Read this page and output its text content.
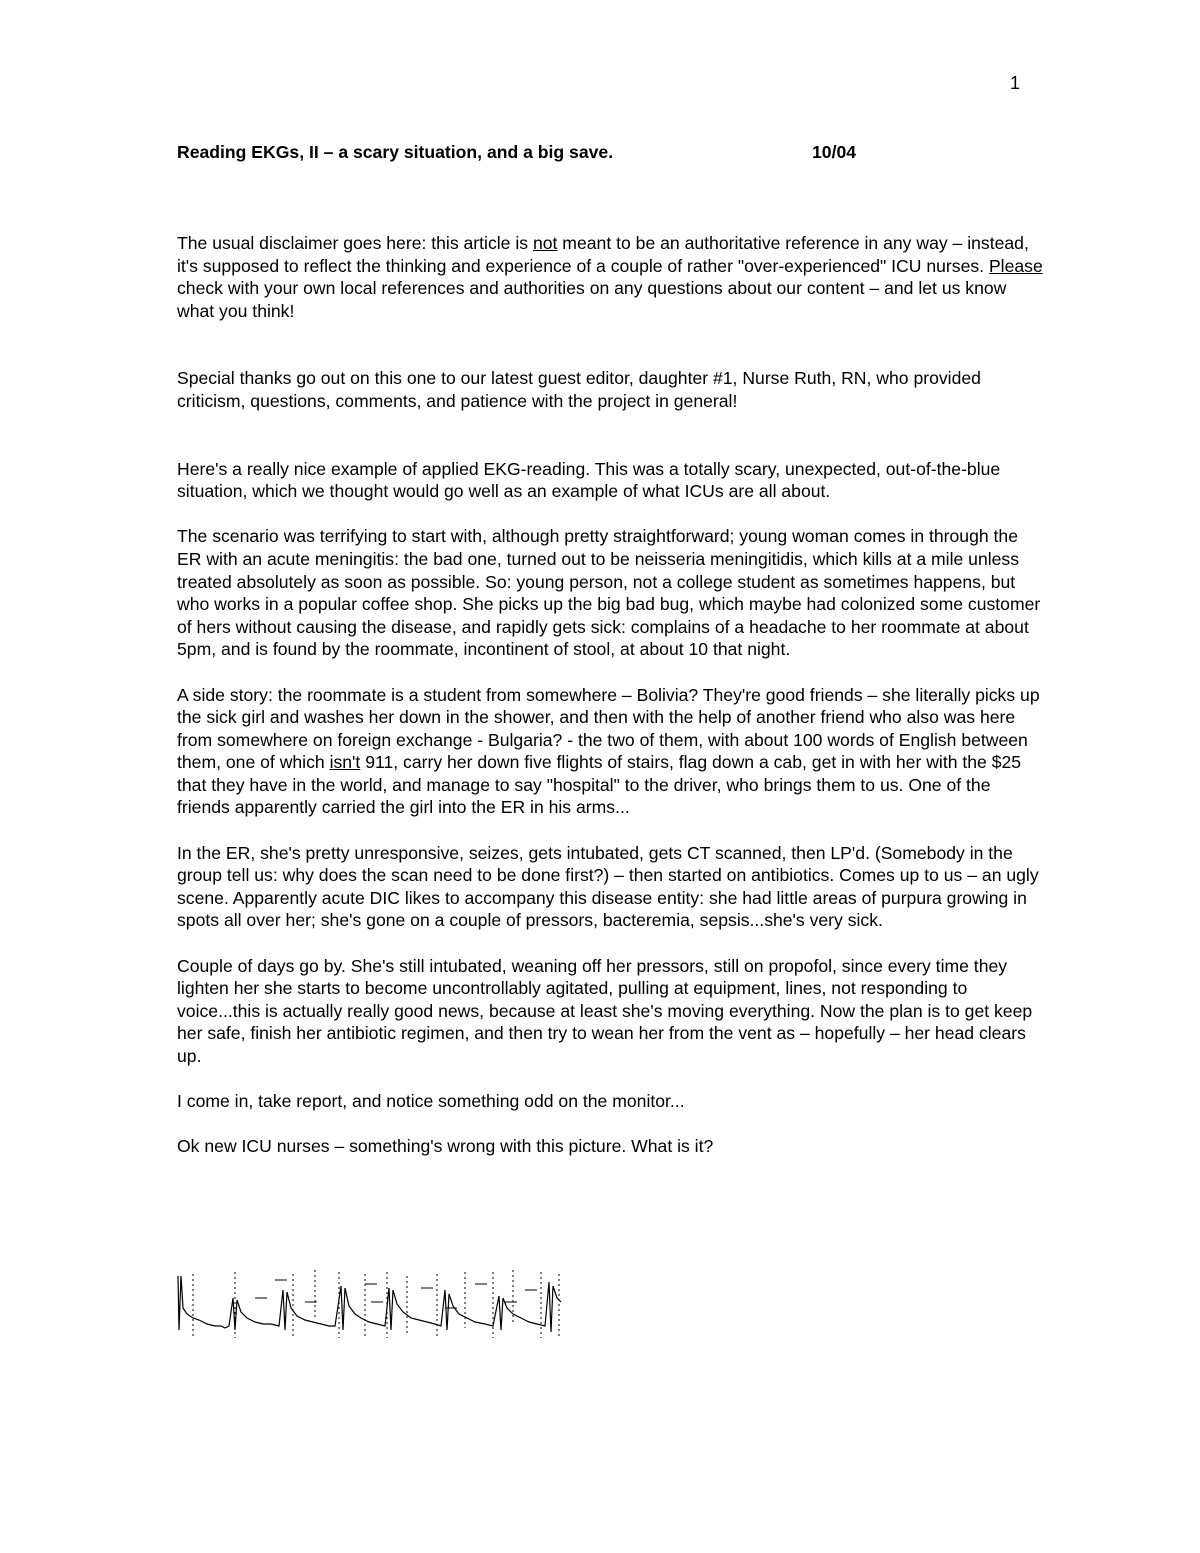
1
Reading EKGs, II – a scary situation, and a big save.	10/04

The usual disclaimer goes here: this article is not meant to be an authoritative reference in any way – instead, it's supposed to reflect the thinking and experience of a couple of rather "over-experienced" ICU nurses. Please check with your own local references and authorities on any questions about our content – and let us know what you think!

Special thanks go out on this one to our latest guest editor, daughter #1, Nurse Ruth, RN, who provided criticism, questions, comments, and patience with the project in general!

Here's a really nice example of applied EKG-reading. This was a totally scary, unexpected, out-of-the-blue situation, which we thought would go well as an example of what ICUs are all about.

The scenario was terrifying to start with, although pretty straightforward; young woman comes in through the ER with an acute meningitis: the bad one, turned out to be neisseria meningitidis, which kills at a mile unless treated absolutely as soon as possible. So: young person, not a college student as sometimes happens, but who works in a popular coffee shop. She picks up the big bad bug, which maybe had colonized some customer of hers without causing the disease, and rapidly gets sick: complains of a headache to her roommate at about 5pm, and is found by the roommate, incontinent of stool, at about 10 that night.

A side story: the roommate is a student from somewhere – Bolivia? They're good friends – she literally picks up the sick girl and washes her down in the shower, and then with the help of another friend who also was here from somewhere on foreign exchange - Bulgaria? - the two of them, with about 100 words of English between them, one of which isn't 911, carry her down five flights of stairs, flag down a cab, get in with her with the $25 that they have in the world, and manage to say "hospital" to the driver, who brings them to us. One of the friends apparently carried the girl into the ER in his arms...

In the ER, she's pretty unresponsive, seizes, gets intubated, gets CT scanned, then LP'd. (Somebody in the group tell us: why does the scan need to be done first?) – then started on antibiotics. Comes up to us – an ugly scene. Apparently acute DIC likes to accompany this disease entity: she had little areas of purpura growing in spots all over her; she's gone on a couple of pressors, bacteremia, sepsis...she's very sick.

Couple of days go by. She's still intubated, weaning off her pressors, still on propofol, since every time they lighten her she starts to become uncontrollably agitated, pulling at equipment, lines, not responding to voice...this is actually really good news, because at least she's moving everything. Now the plan is to get keep her safe, finish her antibiotic regimen, and then try to wean her from the vent as – hopefully – her head clears up.

I come in, take report, and notice something odd on the monitor...

Ok new ICU nurses – something's wrong with this picture. What is it?
